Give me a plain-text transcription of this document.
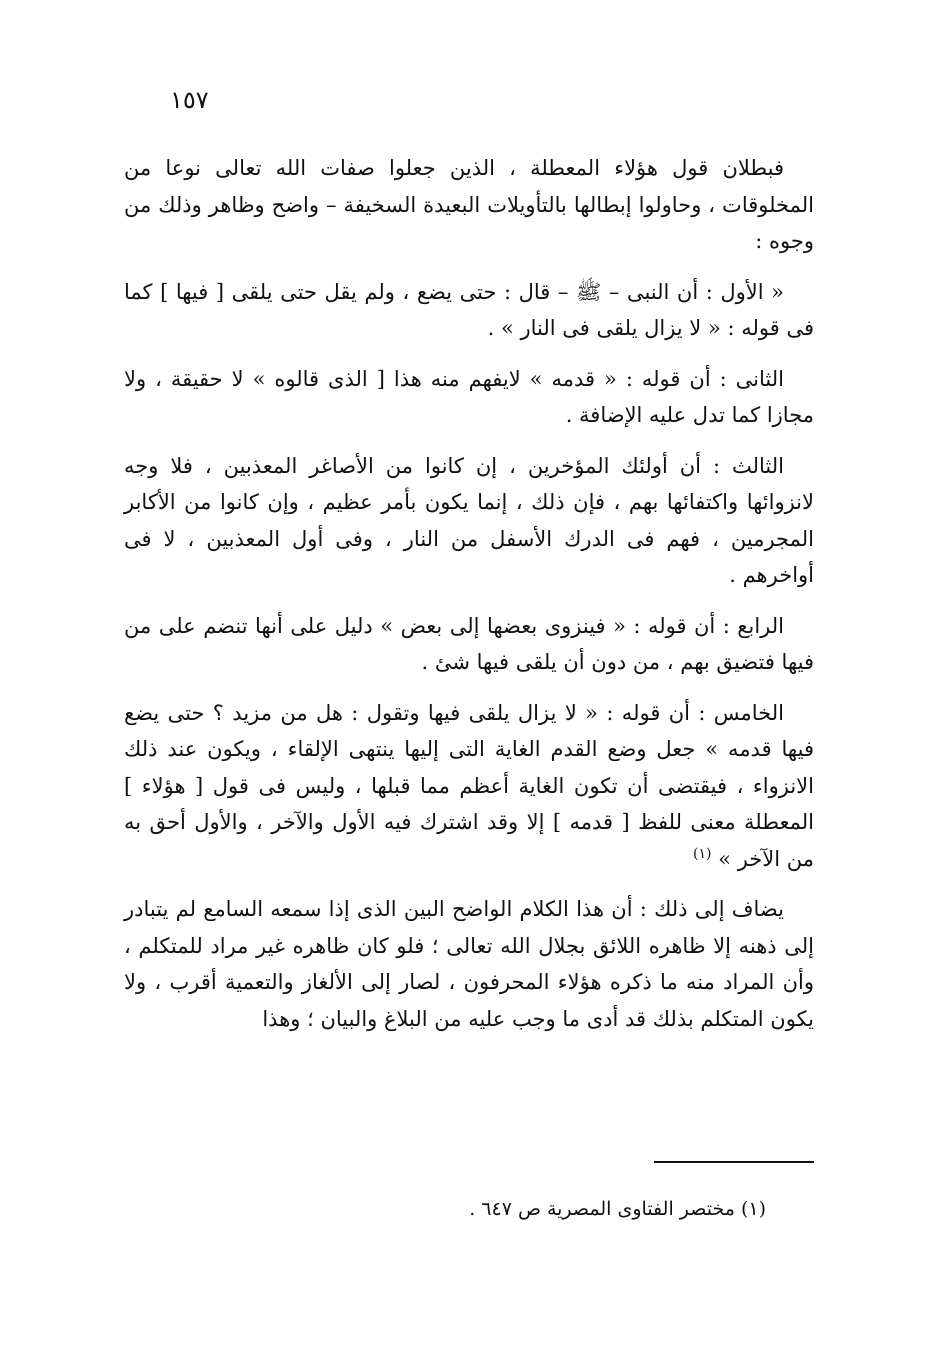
١٥٧

فبطلان قول هؤلاء المعطلة ، الذين جعلوا صفات الله تعالى نوعا من المخلوقات ، وحاولوا إبطالها بالتأويلات البعيدة السخيفة – واضح وظاهر وذلك من وجوه :

« الأول : أن النبى – ﷺ – قال : حتى يضع ، ولم يقل حتى يلقى [ فيها ] كما فى قوله : « لا يزال يلقى فى النار » .

الثانى : أن قوله : « قدمه » لايفهم منه هذا [ الذى قالوه » لا حقيقة ، ولا مجازا كما تدل عليه الإضافة .

الثالث : أن أولئك المؤخرين ، إن كانوا من الأصاغر المعذبين ، فلا وجه لانزوائها واكتفائها بهم ، فإن ذلك ، إنما يكون بأمر عظيم ، وإن كانوا من الأكابر المجرمين ، فهم فى الدرك الأسفل من النار ، وفى أول المعذبين ، لا فى أواخرهم .

الرابع : أن قوله : « فينزوى بعضها إلى بعض » دليل على أنها تنضم على من فيها فتضيق بهم ، من دون أن يلقى فيها شئ .

الخامس : أن قوله : « لا يزال يلقى فيها وتقول : هل من مزيد ؟ حتى يضع فيها قدمه » جعل وضع القدم الغاية التى إليها ينتهى الإلقاء ، ويكون عند ذلك الانزواء ، فيقتضى أن تكون الغاية أعظم مما قبلها ، وليس فى قول [ هؤلاء ] المعطلة معنى للفظ [ قدمه ] إلا وقد اشترك فيه الأول والآخر ، والأول أحق به من الآخر » $^{(١)}$

يضاف إلى ذلك : أن هذا الكلام الواضح البين الذى إذا سمعه السامع لم يتبادر إلى ذهنه إلا ظاهره اللائق بجلال الله تعالى ؛ فلو كان ظاهره غير مراد للمتكلم ، وأن المراد منه ما ذكره هؤلاء المحرفون ، لصار إلى الألغاز والتعمية أقرب ، ولا يكون المتكلم بذلك قد أدى ما وجب عليه من البلاغ والبيان ؛ وهذا

(١) مختصر الفتاوى المصرية ص ٦٤٧ .
